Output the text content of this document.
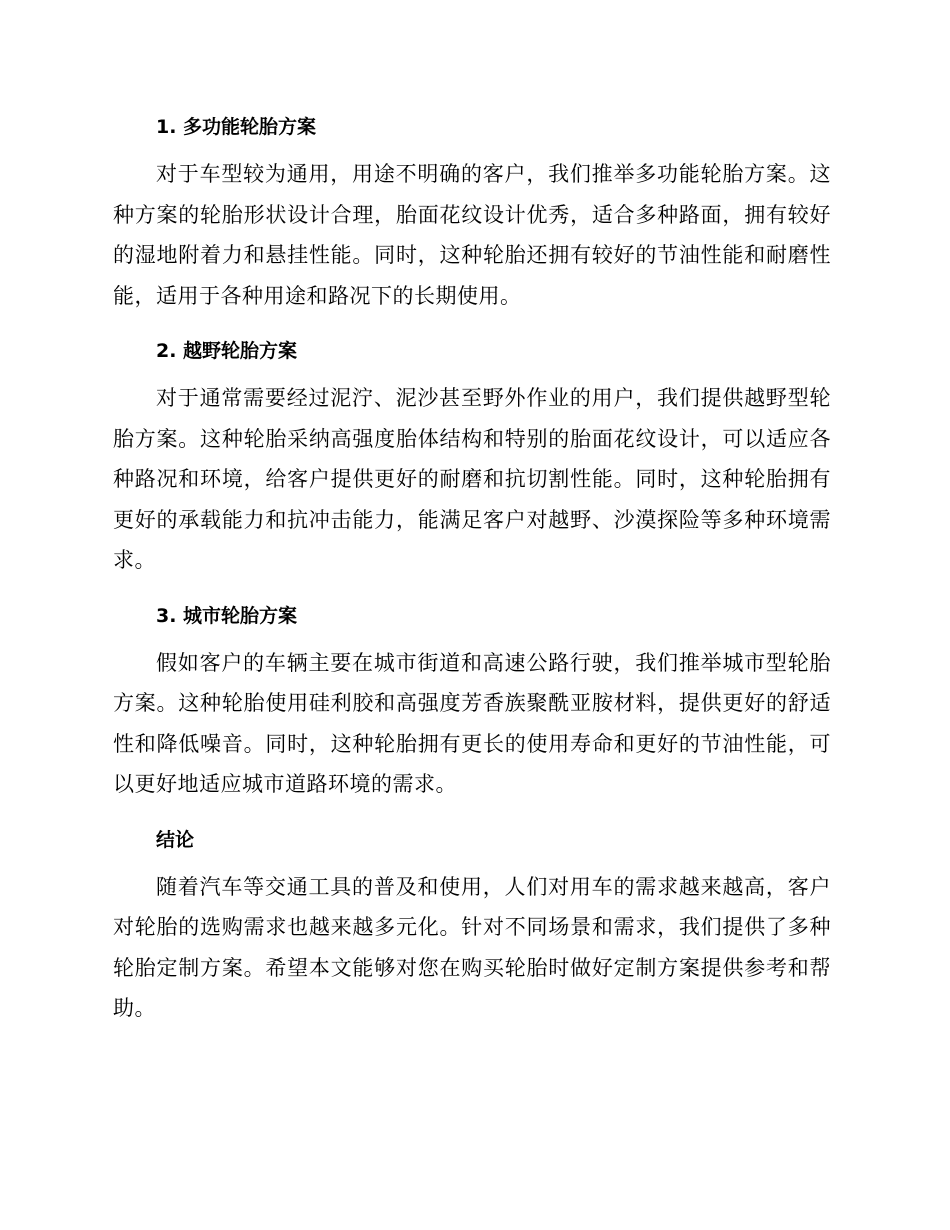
1. 多功能轮胎方案

对于车型较为通用，用途不明确的客户，我们推举多功能轮胎方案。这种方案的轮胎形状设计合理，胎面花纹设计优秀，适合多种路面，拥有较好的湿地附着力和悬挂性能。同时，这种轮胎还拥有较好的节油性能和耐磨性能，适用于各种用途和路况下的长期使用。

2. 越野轮胎方案

对于通常需要经过泥泞、泥沙甚至野外作业的用户，我们提供越野型轮胎方案。这种轮胎采纳高强度胎体结构和特别的胎面花纹设计，可以适应各种路况和环境，给客户提供更好的耐磨和抗切割性能。同时，这种轮胎拥有更好的承载能力和抗冲击能力，能满足客户对越野、沙漠探险等多种环境需求。

3. 城市轮胎方案

假如客户的车辆主要在城市街道和高速公路行驶，我们推举城市型轮胎方案。这种轮胎使用硅利胶和高强度芳香族聚酰亚胺材料，提供更好的舒适性和降低噪音。同时，这种轮胎拥有更长的使用寿命和更好的节油性能，可以更好地适应城市道路环境的需求。

结论

随着汽车等交通工具的普及和使用，人们对用车的需求越来越高，客户对轮胎的选购需求也越来越多元化。针对不同场景和需求，我们提供了多种轮胎定制方案。希望本文能够对您在购买轮胎时做好定制方案提供参考和帮助。
